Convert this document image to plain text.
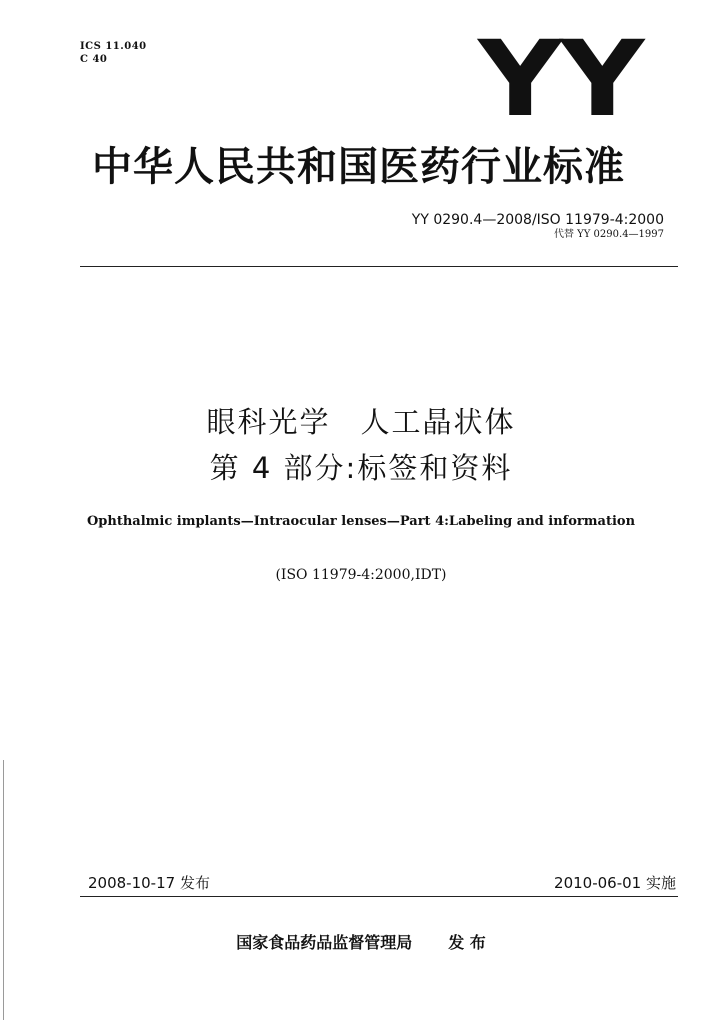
ICS 11.040
C 40	YY
中华人民共和国医药行业标准
YY 0290.4—2008/ISO 11979-4:2000
代替 YY 0290.4—1997
眼科光学 人工晶状体
第 4 部分:标签和资料
Ophthalmic implants—Intraocular lenses—Part 4:Labeling and information
(ISO 11979-4:2000,IDT)
2008-10-17 发布	2010-06-01 实施
国家食品药品监督管理局 发 布
